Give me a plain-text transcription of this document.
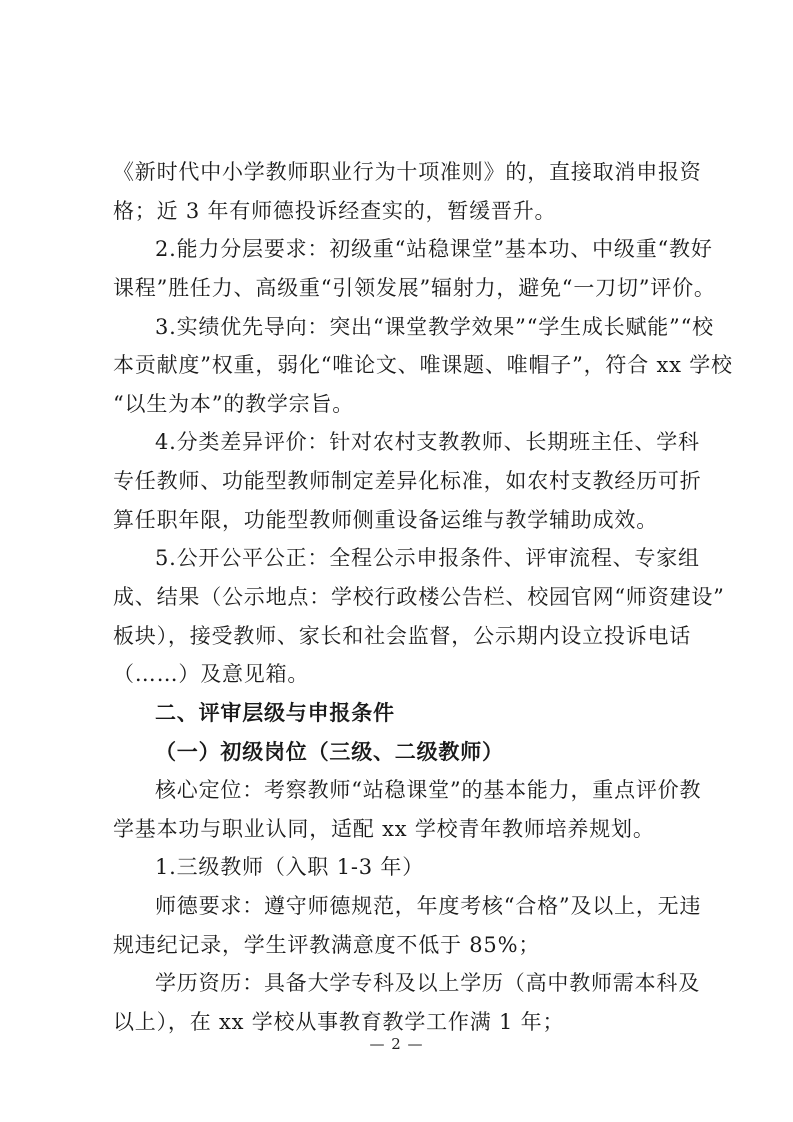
《新时代中小学教师职业行为十项准则》的，直接取消申报资
格；近 3 年有师德投诉经查实的，暂缓晋升。
2.能力分层要求：初级重“站稳课堂”基本功、中级重“教好
课程”胜任力、高级重“引领发展”辐射力，避免“一刀切”评价。
3.实绩优先导向：突出“课堂教学效果”“学生成长赋能”“校
本贡献度”权重，弱化“唯论文、唯课题、唯帽子”，符合 xx 学校
“以生为本”的教学宗旨。
4.分类差异评价：针对农村支教教师、长期班主任、学科
专任教师、功能型教师制定差异化标准，如农村支教经历可折
算任职年限，功能型教师侧重设备运维与教学辅助成效。
5.公开公平公正：全程公示申报条件、评审流程、专家组
成、结果（公示地点：学校行政楼公告栏、校园官网“师资建设”
板块），接受教师、家长和社会监督，公示期内设立投诉电话
（……）及意见箱。
二、评审层级与申报条件
（一）初级岗位（三级、二级教师）
核心定位：考察教师“站稳课堂”的基本能力，重点评价教
学基本功与职业认同，适配 xx 学校青年教师培养规划。
1.三级教师（入职 1-3 年）
师德要求：遵守师德规范，年度考核“合格”及以上，无违
规违纪记录，学生评教满意度不低于 85%；
学历资历：具备大学专科及以上学历（高中教师需本科及
以上），在 xx 学校从事教育教学工作满 1 年；
— 2 —
